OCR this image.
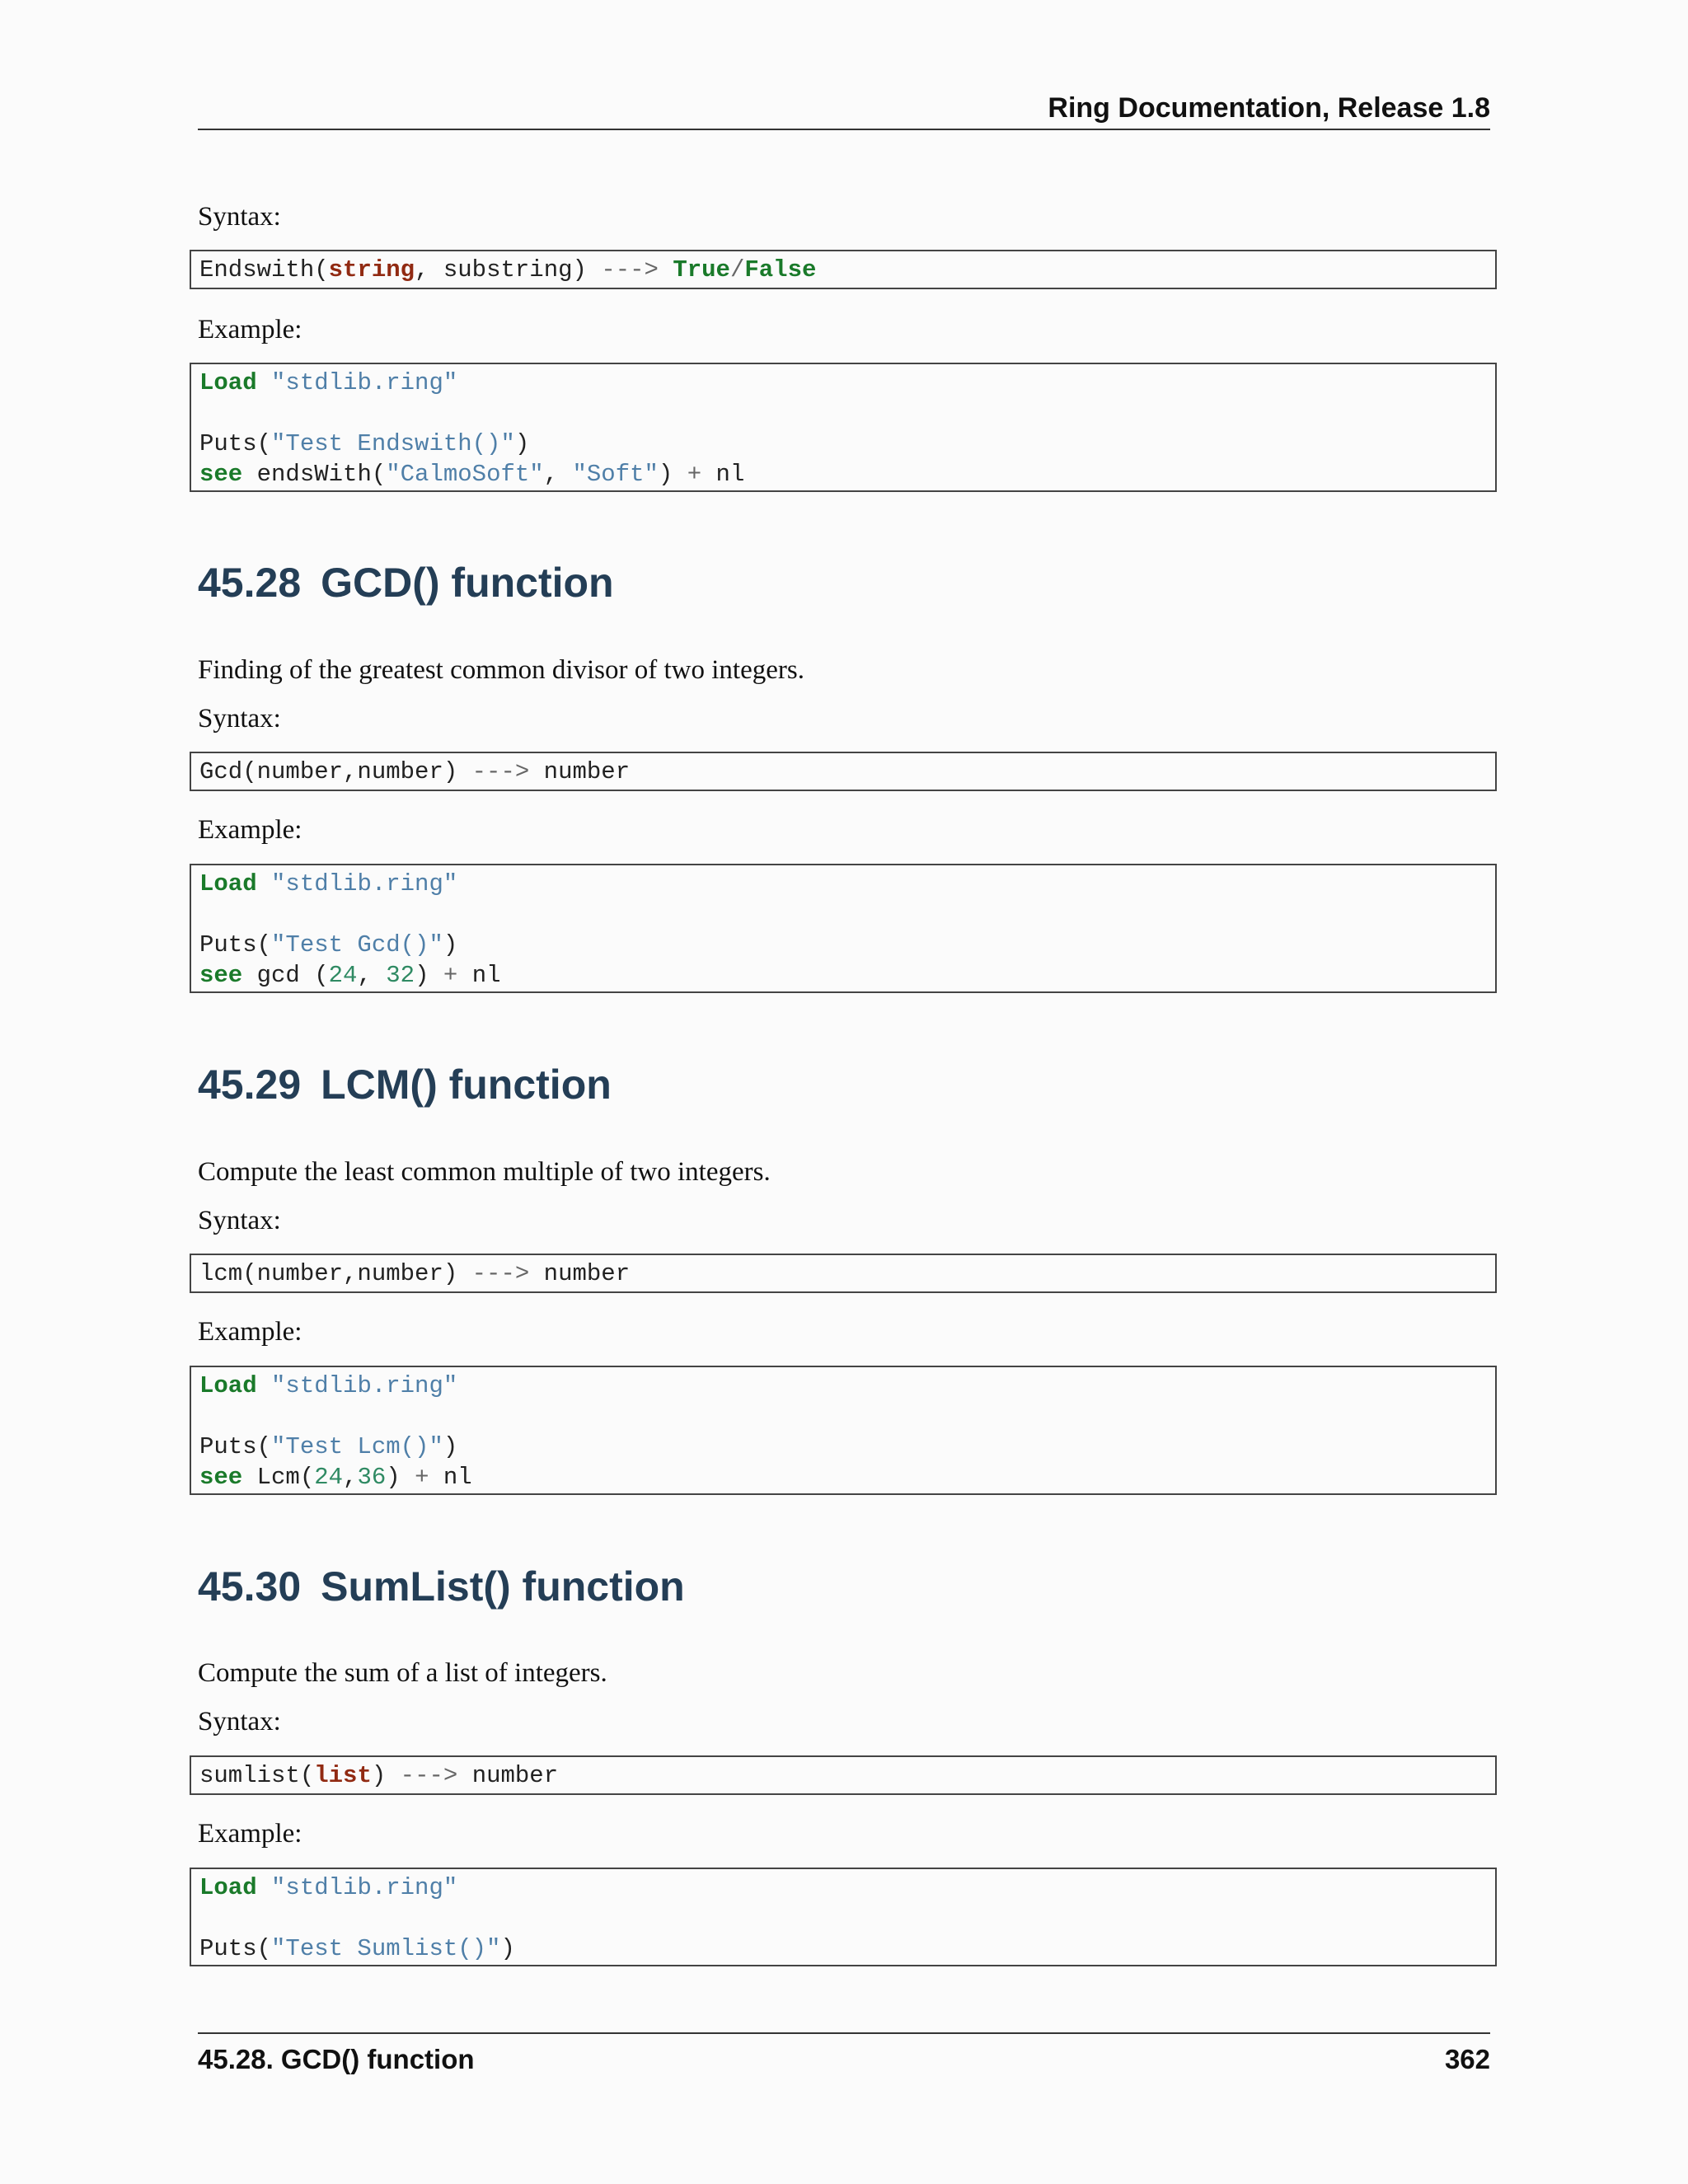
Ring Documentation, Release 1.8
Syntax:
Endswith(string, substring) ---> True/False
Example:
Load "stdlib.ring"
Puts("Test Endswith()")
see endsWith("CalmoSoft", "Soft") + nl
45.28 GCD() function
Finding of the greatest common divisor of two integers.
Syntax:
Gcd(number,number) ---> number
Example:
Load "stdlib.ring"
Puts("Test Gcd()")
see gcd (24, 32) + nl
45.29 LCM() function
Compute the least common multiple of two integers.
Syntax:
lcm(number,number) ---> number
Example:
Load "stdlib.ring"
Puts("Test Lcm()")
see Lcm(24,36) + nl
45.30 SumList() function
Compute the sum of a list of integers.
Syntax:
sumlist(list) ---> number
Example:
Load "stdlib.ring"
Puts("Test Sumlist()")
45.28. GCD() function	362
